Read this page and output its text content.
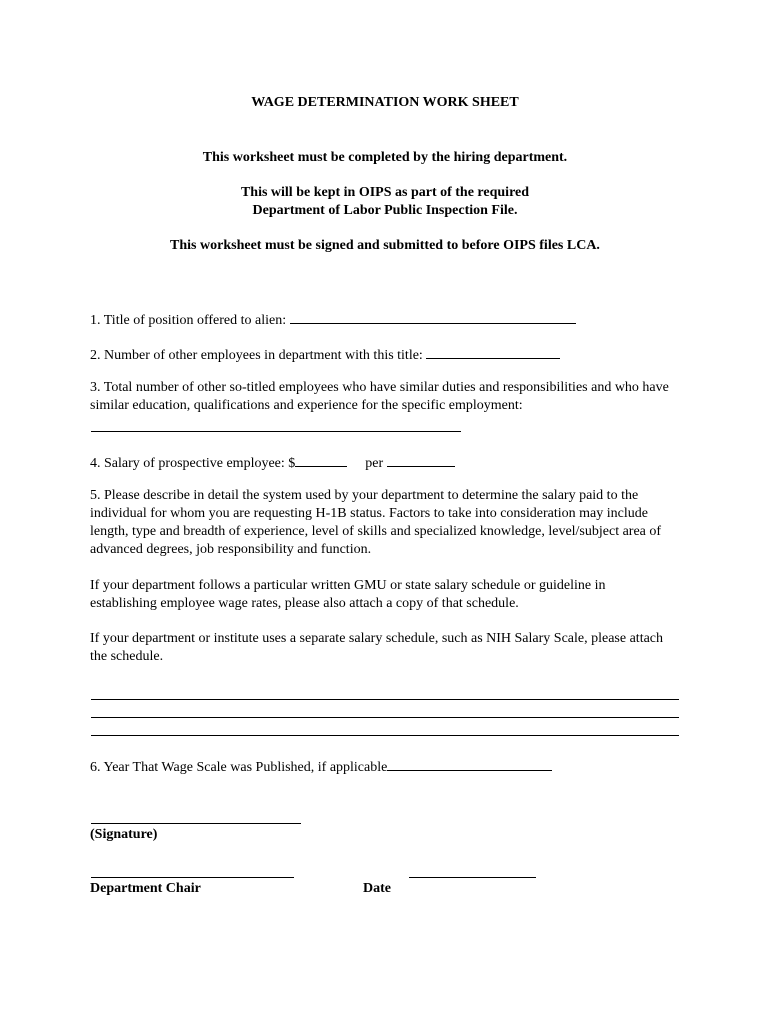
WAGE DETERMINATION WORK SHEET
This worksheet must be completed by the hiring department.
This will be kept in OIPS as part of the required
Department of Labor Public Inspection File.
This worksheet must be signed and submitted to before OIPS files LCA.
1. Title of position offered to alien:
2. Number of other employees in department with this title:
3. Total number of other so-titled employees who have similar duties and responsibilities and who have similar education, qualifications and experience for the specific employment:
4. Salary of prospective employee: $	per
5. Please describe in detail the system used by your department to determine the salary paid to the individual for whom you are requesting H-1B status. Factors to take into consideration may include length, type and breadth of experience, level of skills and specialized knowledge, level/subject area of advanced degrees, job responsibility and function.
If your department follows a particular written GMU or state salary schedule or guideline in establishing employee wage rates, please also attach a copy of that schedule.
If your department or institute uses a separate salary schedule, such as NIH Salary Scale, please attach the schedule.
6. Year That Wage Scale was Published, if applicable
(Signature)
Department Chair	Date
